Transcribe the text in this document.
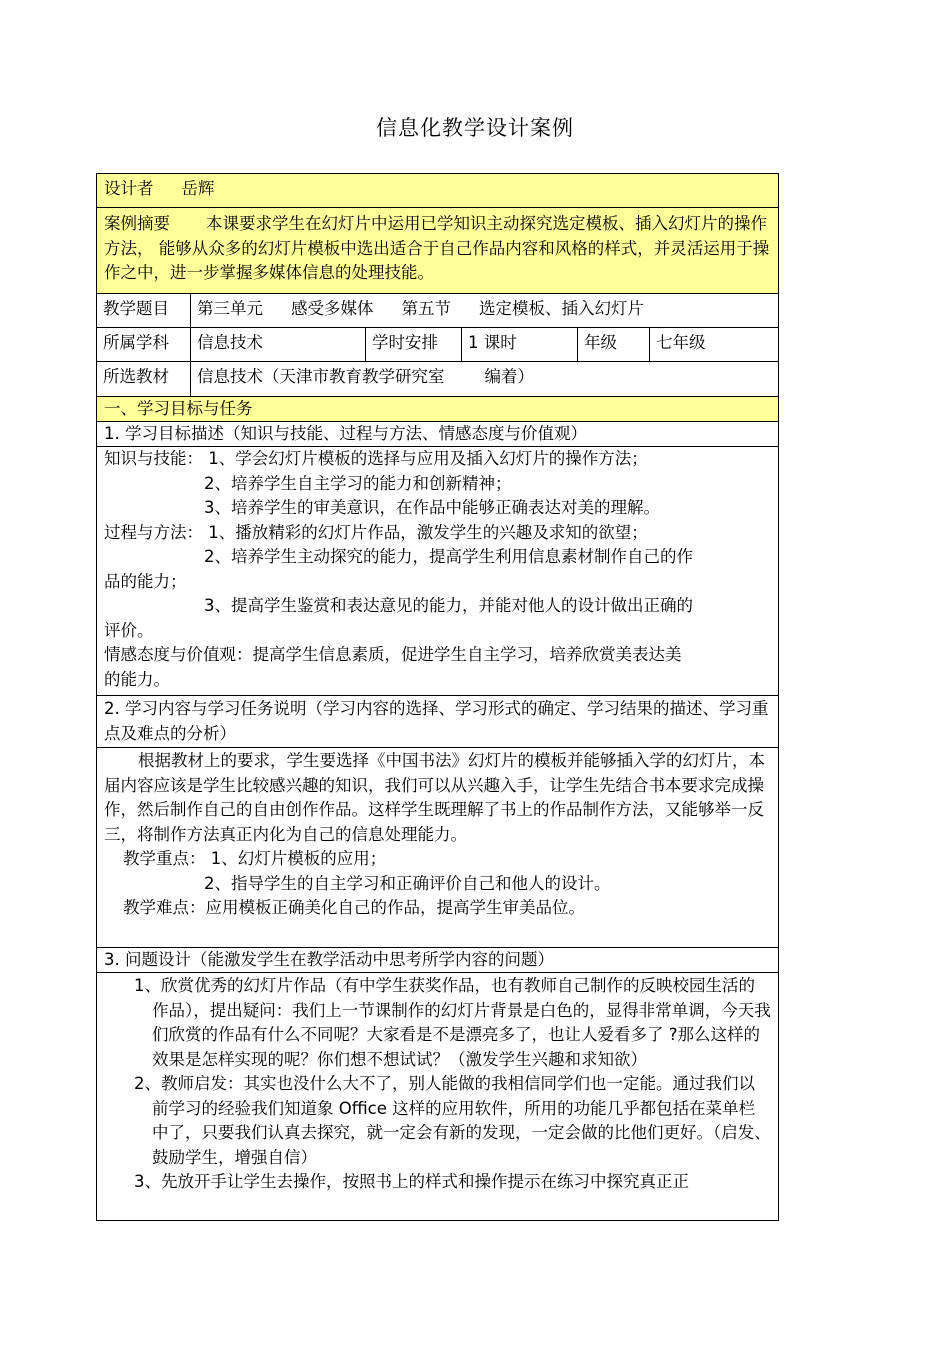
信息化教学设计案例
设计者 岳辉
案例摘要 本课要求学生在幻灯片中运用已学知识主动探究选定模板、插入幻灯片的操作方法， 能够从众多的幻灯片模板中选出适合于自己作品内容和风格的样式，并灵活运用于操作之中，进一步掌握多媒体信息的处理技能。
教学题目	第三单元 感受多媒体 第五节 选定模板、插入幻灯片
所属学科	信息技术	学时安排	1 课时	年级	七年级
所选教材	信息技术（天津市教育教学研究室 编着）
一、学习目标与任务
1. 学习目标描述（知识与技能、过程与方法、情感态度与价值观）
知识与技能： 1、学会幻灯片模板的选择与应用及插入幻灯片的操作方法；
2、培养学生自主学习的能力和创新精神；
3、培养学生的审美意识，在作品中能够正确表达对美的理解。
过程与方法： 1、播放精彩的幻灯片作品，激发学生的兴趣及求知的欲望；
2、培养学生主动探究的能力，提高学生利用信息素材制作自己的作
品的能力；
3、提高学生鉴赏和表达意见的能力，并能对他人的设计做出正确的
评价。
情感态度与价值观：提高学生信息素质，促进学生自主学习，培养欣赏美表达美
的能力。
2. 学习内容与学习任务说明（学习内容的选择、学习形式的确定、学习结果的描述、学习重点及难点的分析）
根据教材上的要求，学生要选择《中国书法》幻灯片的模板并能够插入学的幻灯片，本届内容应该是学生比较感兴趣的知识，我们可以从兴趣入手，让学生先结合书本要求完成操作，然后制作自己的自由创作作品。这样学生既理解了书上的作品制作方法，又能够举一反三，将制作方法真正内化为自己的信息处理能力。
教学重点： 1、幻灯片模板的应用；
2、指导学生的自主学习和正确评价自己和他人的设计。
教学难点：应用模板正确美化自己的作品，提高学生审美品位。
3. 问题设计（能激发学生在教学活动中思考所学内容的问题）
1、欣赏优秀的幻灯片作品（有中学生获奖作品，也有教师自己制作的反映校园生活的作品），提出疑问：我们上一节课制作的幻灯片背景是白色的，显得非常单调，今天我们欣赏的作品有什么不同呢？大家看是不是漂亮多了，也让人爱看多了 ?那么这样的效果是怎样实现的呢？你们想不想试试？（激发学生兴趣和求知欲）
2、教师启发：其实也没什么大不了，别人能做的我相信同学们也一定能。通过我们以前学习的经验我们知道象 Office 这样的应用软件，所用的功能几乎都包括在菜单栏中了，只要我们认真去探究，就一定会有新的发现，一定会做的比他们更好。（启发、鼓励学生，增强自信）
3、先放开手让学生去操作，按照书上的样式和操作提示在练习中探究真正正
